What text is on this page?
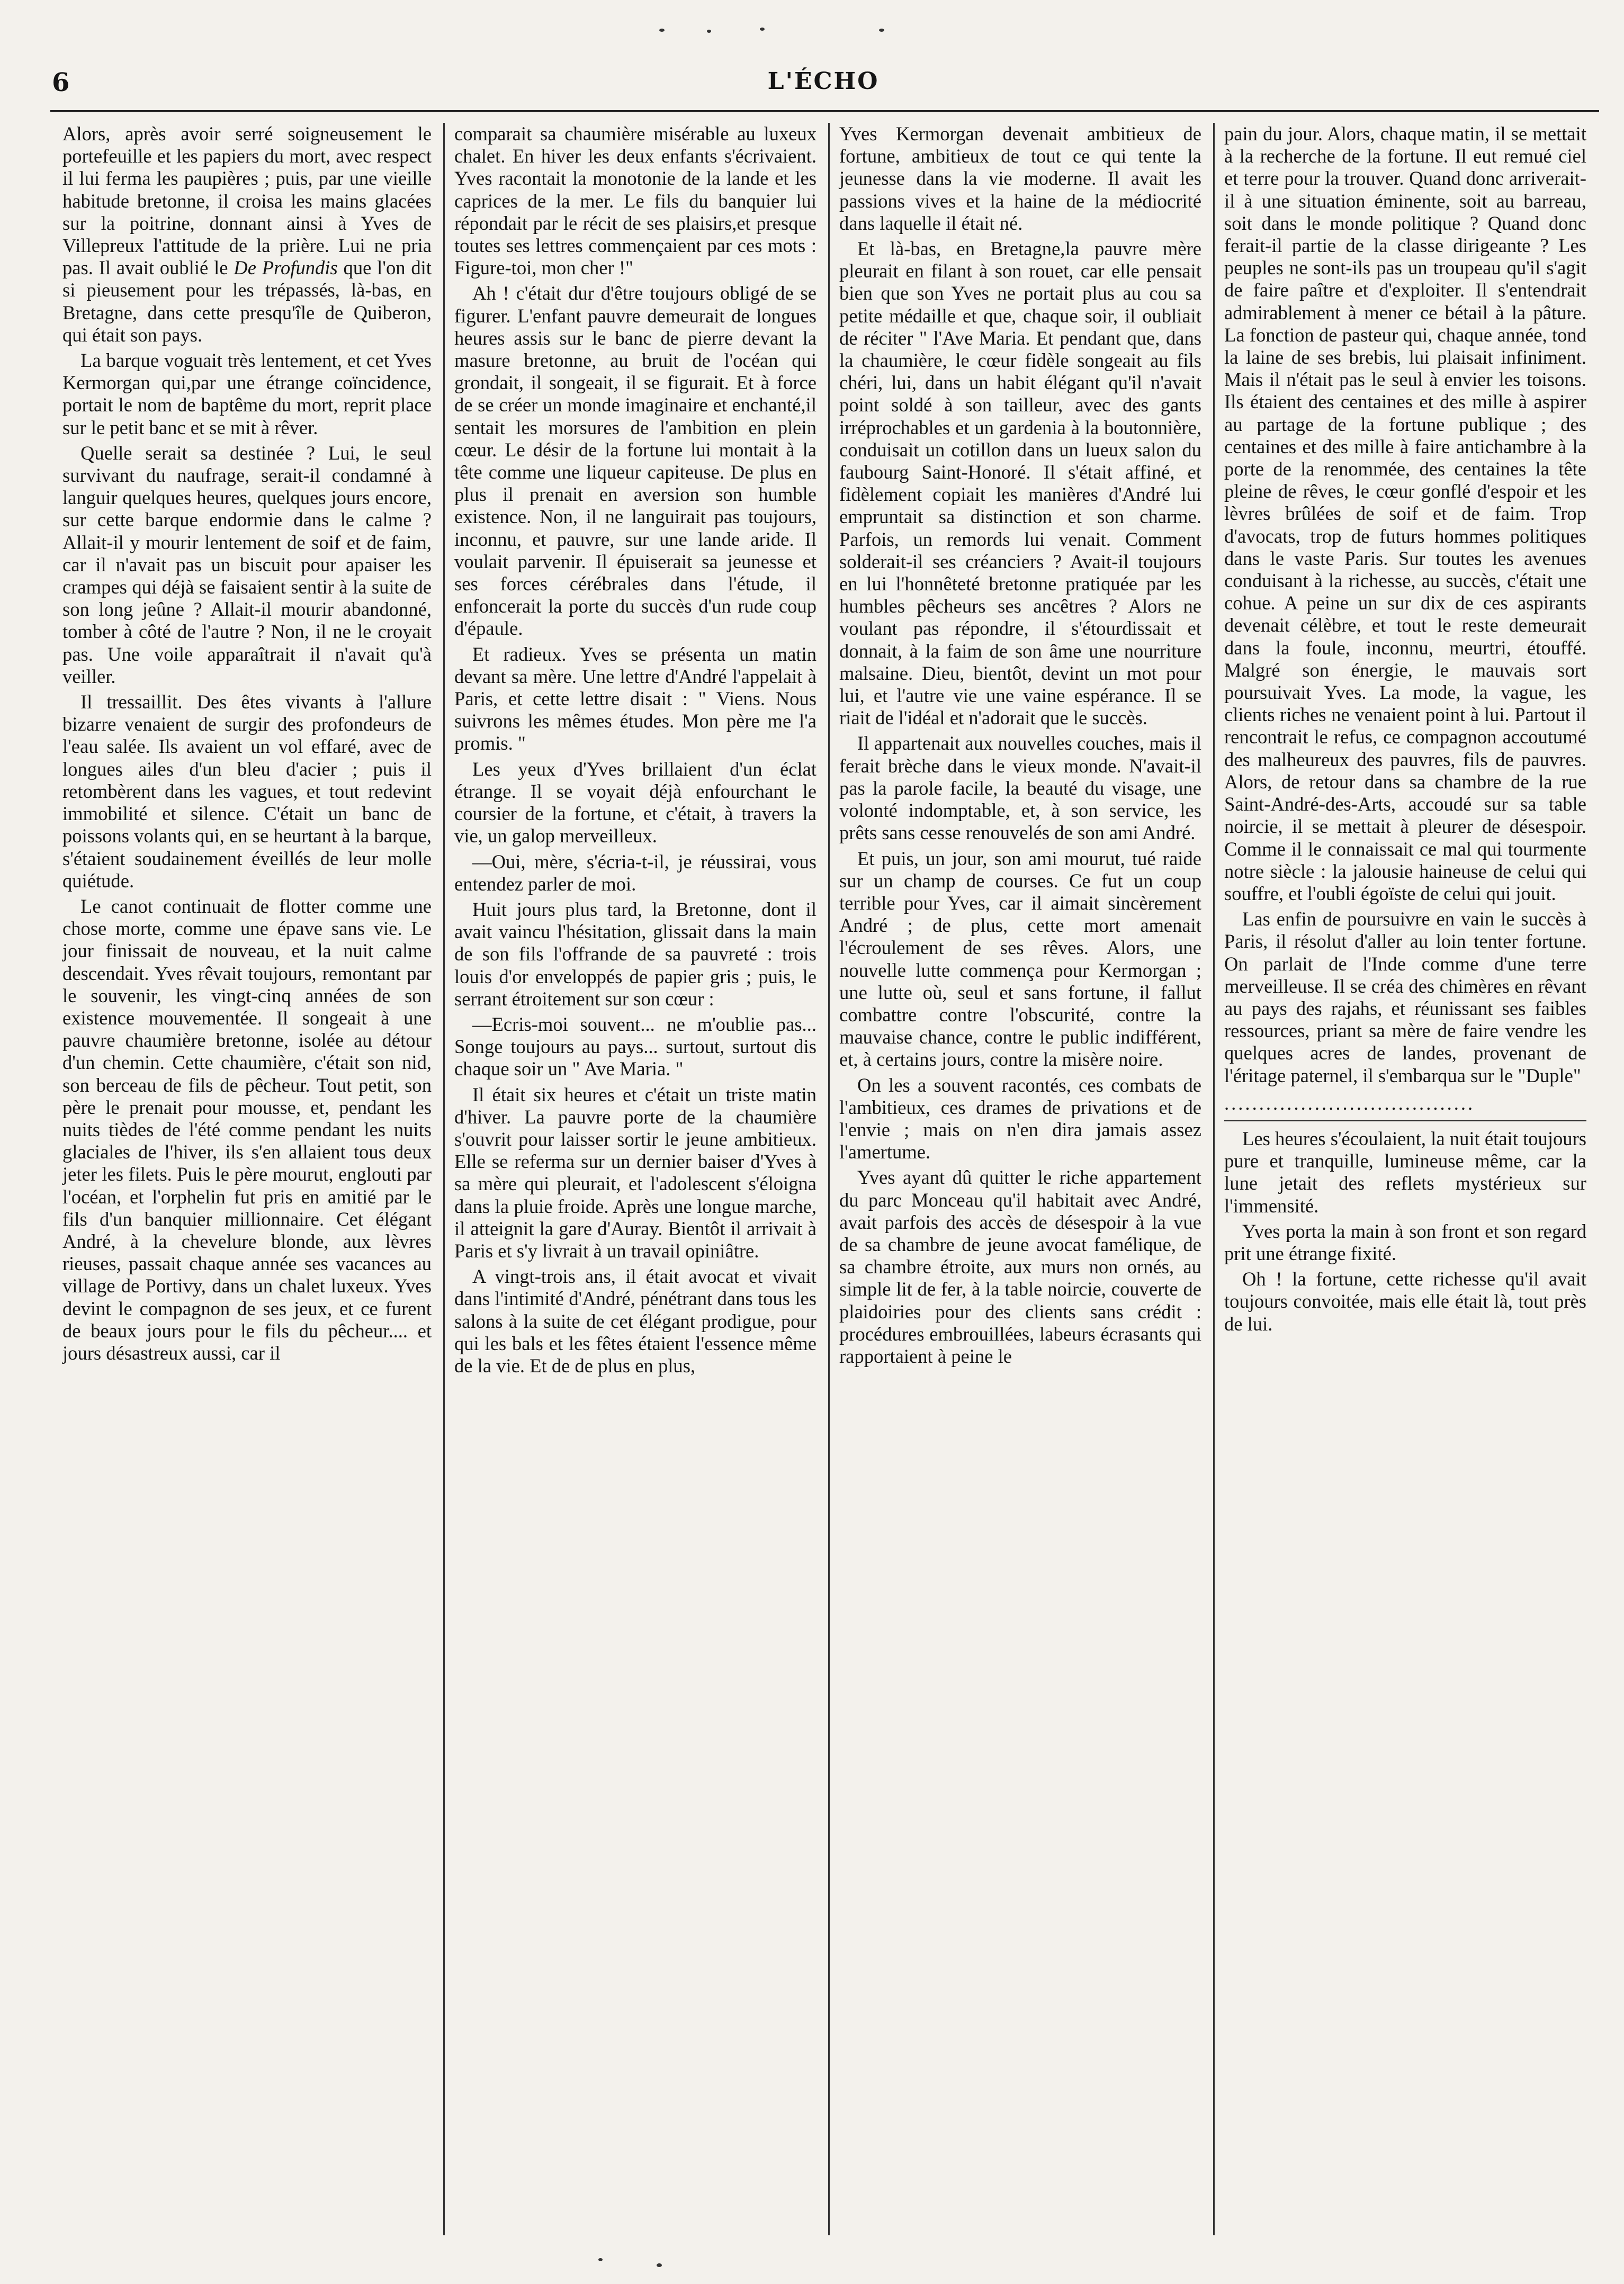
6	L'ÉCHO

Alors, après avoir serré soigneusement le portefeuille et les papiers du mort, avec respect il lui ferma les paupières ; puis, par une vieille habitude bretonne, il croisa les mains glacées sur la poitrine, donnant ainsi à Yves de Villepreux l'attitude de la prière. Lui ne pria pas. Il avait oublié le De Profundis que l'on dit si pieusement pour les trépassés, là-bas, en Bretagne, dans cette presqu'île de Quiberon, qui était son pays.

La barque voguait très lentement, et cet Yves Kermorgan qui,par une étrange coïncidence, portait le nom de baptême du mort, reprit place sur le petit banc et se mit à rêver.

Quelle serait sa destinée ? Lui, le seul survivant du naufrage, serait-il condamné à languir quelques heures, quelques jours encore, sur cette barque endormie dans le calme ? Allait-il y mourir lentement de soif et de faim, car il n'avait pas un biscuit pour apaiser les crampes qui déjà se faisaient sentir à la suite de son long jeûne ? Allait-il mourir abandonné, tomber à côté de l'autre ? Non, il ne le croyait pas. Une voile apparaîtrait il n'avait qu'à veiller.

Il tressaillit. Des êtes vivants à l'allure bizarre venaient de surgir des profondeurs de l'eau salée. Ils avaient un vol effaré, avec de longues ailes d'un bleu d'acier ; puis il retombèrent dans les vagues, et tout redevint immobilité et silence. C'était un banc de poissons volants qui, en se heurtant à la barque, s'étaient soudainement éveillés de leur molle quiétude.

Le canot continuait de flotter comme une chose morte, comme une épave sans vie. Le jour finissait de nouveau, et la nuit calme descendait. Yves rêvait toujours, remontant par le souvenir, les vingt-cinq années de son existence mouvementée. Il songeait à une pauvre chaumière bretonne, isolée au détour d'un chemin. Cette chaumière, c'était son nid, son berceau de fils de pêcheur. Tout petit, son père le prenait pour mousse, et, pendant les nuits tièdes de l'été comme pendant les nuits glaciales de l'hiver, ils s'en allaient tous deux jeter les filets. Puis le père mourut, englouti par l'océan, et l'orphelin fut pris en amitié par le fils d'un banquier millionnaire. Cet élégant André, à la chevelure blonde, aux lèvres rieuses, passait chaque année ses vacances au village de Portivy, dans un chalet luxeux. Yves devint le compagnon de ses jeux, et ce furent de beaux jours pour le fils du pêcheur.... et jours désastreux aussi, car il

comparait sa chaumière misérable au luxeux chalet. En hiver les deux enfants s'écrivaient. Yves racontait la monotonie de la lande et les caprices de la mer. Le fils du banquier lui répondait par le récit de ses plaisirs,et presque toutes ses lettres commençaient par ces mots : Figure-toi, mon cher !"

Ah ! c'était dur d'être toujours obligé de se figurer. L'enfant pauvre demeurait de longues heures assis sur le banc de pierre devant la masure bretonne, au bruit de l'océan qui grondait, il songeait, il se figurait. Et à force de se créer un monde imaginaire et enchanté,il sentait les morsures de l'ambition en plein cœur. Le désir de la fortune lui montait à la tête comme une liqueur capiteuse. De plus en plus il prenait en aversion son humble existence. Non, il ne languirait pas toujours, inconnu, et pauvre, sur une lande aride. Il voulait parvenir. Il épuiserait sa jeunesse et ses forces cérébrales dans l'étude, il enfoncerait la porte du succès d'un rude coup d'épaule.

Et radieux. Yves se présenta un matin devant sa mère. Une lettre d'André l'appelait à Paris, et cette lettre disait : " Viens. Nous suivrons les mêmes études. Mon père me l'a promis. "

Les yeux d'Yves brillaient d'un éclat étrange. Il se voyait déjà enfourchant le coursier de la fortune, et c'était, à travers la vie, un galop merveilleux.

—Oui, mère, s'écria-t-il, je réussirai, vous entendez parler de moi.

Huit jours plus tard, la Bretonne, dont il avait vaincu l'hésitation, glissait dans la main de son fils l'offrande de sa pauvreté : trois louis d'or enveloppés de papier gris ; puis, le serrant étroitement sur son cœur :

—Ecris-moi souvent... ne m'oublie pas... Songe toujours au pays... surtout, surtout dis chaque soir un " Ave Maria. "

Il était six heures et c'était un triste matin d'hiver. La pauvre porte de la chaumière s'ouvrit pour laisser sortir le jeune ambitieux. Elle se referma sur un dernier baiser d'Yves à sa mère qui pleurait, et l'adolescent s'éloigna dans la pluie froide. Après une longue marche, il atteignit la gare d'Auray. Bientôt il arrivait à Paris et s'y livrait à un travail opiniâtre.

A vingt-trois ans, il était avocat et vivait dans l'intimité d'André, pénétrant dans tous les salons à la suite de cet élégant prodigue, pour qui les bals et les fêtes étaient l'essence même de la vie. Et de de plus en plus,

Yves Kermorgan devenait ambitieux de fortune, ambitieux de tout ce qui tente la jeunesse dans la vie moderne. Il avait les passions vives et la haine de la médiocrité dans laquelle il était né.

Et là-bas, en Bretagne,la pauvre mère pleurait en filant à son rouet, car elle pensait bien que son Yves ne portait plus au cou sa petite médaille et que, chaque soir, il oubliait de réciter " l'Ave Maria. Et pendant que, dans la chaumière, le cœur fidèle songeait au fils chéri, lui, dans un habit élégant qu'il n'avait point soldé à son tailleur, avec des gants irréprochables et un gardenia à la boutonnière, conduisait un cotillon dans un lueux salon du faubourg Saint-Honoré. Il s'était affiné, et fidèlement copiait les manières d'André lui empruntait sa distinction et son charme. Parfois, un remords lui venait. Comment solderait-il ses créanciers ? Avait-il toujours en lui l'honnêteté bretonne pratiquée par les humbles pêcheurs ses ancêtres ? Alors ne voulant pas répondre, il s'étourdissait et donnait, à la faim de son âme une nourriture malsaine. Dieu, bientôt, devint un mot pour lui, et l'autre vie une vaine espérance. Il se riait de l'idéal et n'adorait que le succès.

Il appartenait aux nouvelles couches, mais il ferait brèche dans le vieux monde. N'avait-il pas la parole facile, la beauté du visage, une volonté indomptable, et, à son service, les prêts sans cesse renouvelés de son ami André.

Et puis, un jour, son ami mourut, tué raide sur un champ de courses. Ce fut un coup terrible pour Yves, car il aimait sincèrement André ; de plus, cette mort amenait l'écroulement de ses rêves. Alors, une nouvelle lutte commença pour Kermorgan ; une lutte où, seul et sans fortune, il fallut combattre contre l'obscurité, contre la mauvaise chance, contre le public indifférent, et, à certains jours, contre la misère noire.

On les a souvent racontés, ces combats de l'ambitieux, ces drames de privations et de l'envie ; mais on n'en dira jamais assez l'amertume.

Yves ayant dû quitter le riche appartement du parc Monceau qu'il habitait avec André, avait parfois des accès de désespoir à la vue de sa chambre de jeune avocat famélique, de sa chambre étroite, aux murs non ornés, au simple lit de fer, à la table noircie, couverte de plaidoiries pour des clients sans crédit : procédures embrouillées, labeurs écrasants qui rapportaient à peine le

pain du jour. Alors, chaque matin, il se mettait à la recherche de la fortune. Il eut remué ciel et terre pour la trouver. Quand donc arriverait-il à une situation éminente, soit au barreau, soit dans le monde politique ? Quand donc ferait-il partie de la classe dirigeante ? Les peuples ne sont-ils pas un troupeau qu'il s'agit de faire paître et d'exploiter. Il s'entendrait admirablement à mener ce bétail à la pâture. La fonction de pasteur qui, chaque année, tond la laine de ses brebis, lui plaisait infiniment. Mais il n'était pas le seul à envier les toisons. Ils étaient des centaines et des mille à aspirer au partage de la fortune publique ; des centaines et des mille à faire antichambre à la porte de la renommée, des centaines la tête pleine de rêves, le cœur gonflé d'espoir et les lèvres brûlées de soif et de faim. Trop d'avocats, trop de futurs hommes politiques dans le vaste Paris. Sur toutes les avenues conduisant à la richesse, au succès, c'était une cohue. A peine un sur dix de ces aspirants devenait célèbre, et tout le reste demeurait dans la foule, inconnu, meurtri, étouffé. Malgré son énergie, le mauvais sort poursuivait Yves. La mode, la vague, les clients riches ne venaient point à lui. Partout il rencontrait le refus, ce compagnon accoutumé des malheureux des pauvres, fils de pauvres. Alors, de retour dans sa chambre de la rue Saint-André-des-Arts, accoudé sur sa table noircie, il se mettait à pleurer de désespoir. Comme il le connaissait ce mal qui tourmente notre siècle : la jalousie haineuse de celui qui souffre, et l'oubli égoïste de celui qui jouit.

Las enfin de poursuivre en vain le succès à Paris, il résolut d'aller au loin tenter fortune. On parlait de l'Inde comme d'une terre merveilleuse. Il se créa des chimères en rêvant au pays des rajahs, et réunissant ses faibles ressources, priant sa mère de faire vendre les quelques acres de landes, provenant de l'éritage paternel, il s'embarqua sur le "Duple"

....................................

Les heures s'écoulaient, la nuit était toujours pure et tranquille, lumineuse même, car la lune jetait des reflets mystérieux sur l'immensité.

Yves porta la main à son front et son regard prit une étrange fixité.

Oh ! la fortune, cette richesse qu'il avait toujours convoitée, mais elle était là, tout près de lui.
